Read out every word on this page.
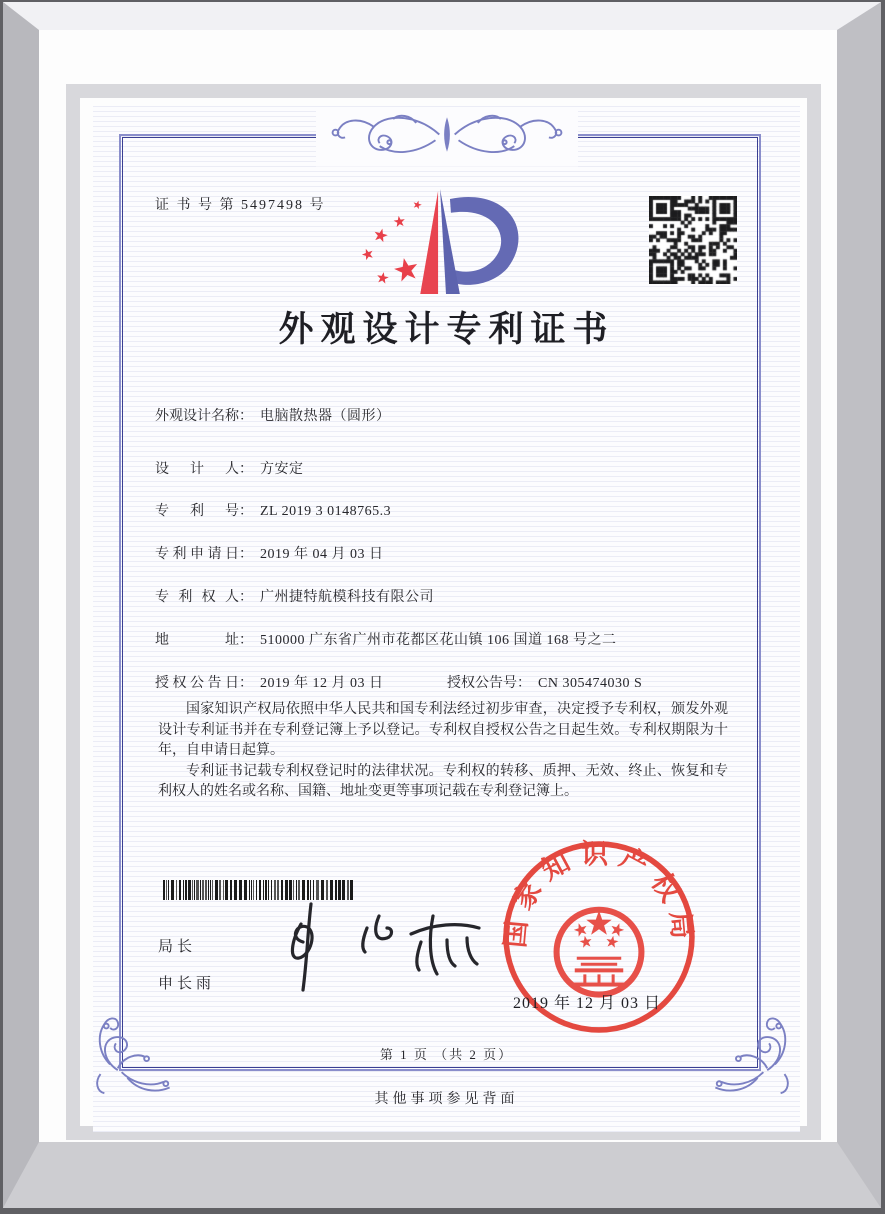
证 书 号 第 5497498 号
外观设计专利证书
外观设计名称： 电脑散热器（圆形）
设计人： 方安定
专利号： ZL 2019 3 0148765.3
专利申请日： 2019 年 04 月 03 日
专利权人： 广州捷特航模科技有限公司
地址： 510000 广东省广州市花都区花山镇 106 国道 168 号之二
授权公告日： 2019 年 12 月 03 日	授权公告号： CN 305474030 S

国家知识产权局依照中华人民共和国专利法经过初步审查，决定授予专利权，颁发外观设计专利证书并在专利登记簿上予以登记。专利权自授权公告之日起生效。专利权期限为十年，自申请日起算。

专利证书记载专利权登记时的法律状况。专利权的转移、质押、无效、终止、恢复和专利权人的姓名或名称、国籍、地址变更等事项记载在专利登记簿上。

局长
申长雨
国家知识产权局
2019 年 12 月 03 日
第 1 页 （共 2 页）
其他事项参见背面
